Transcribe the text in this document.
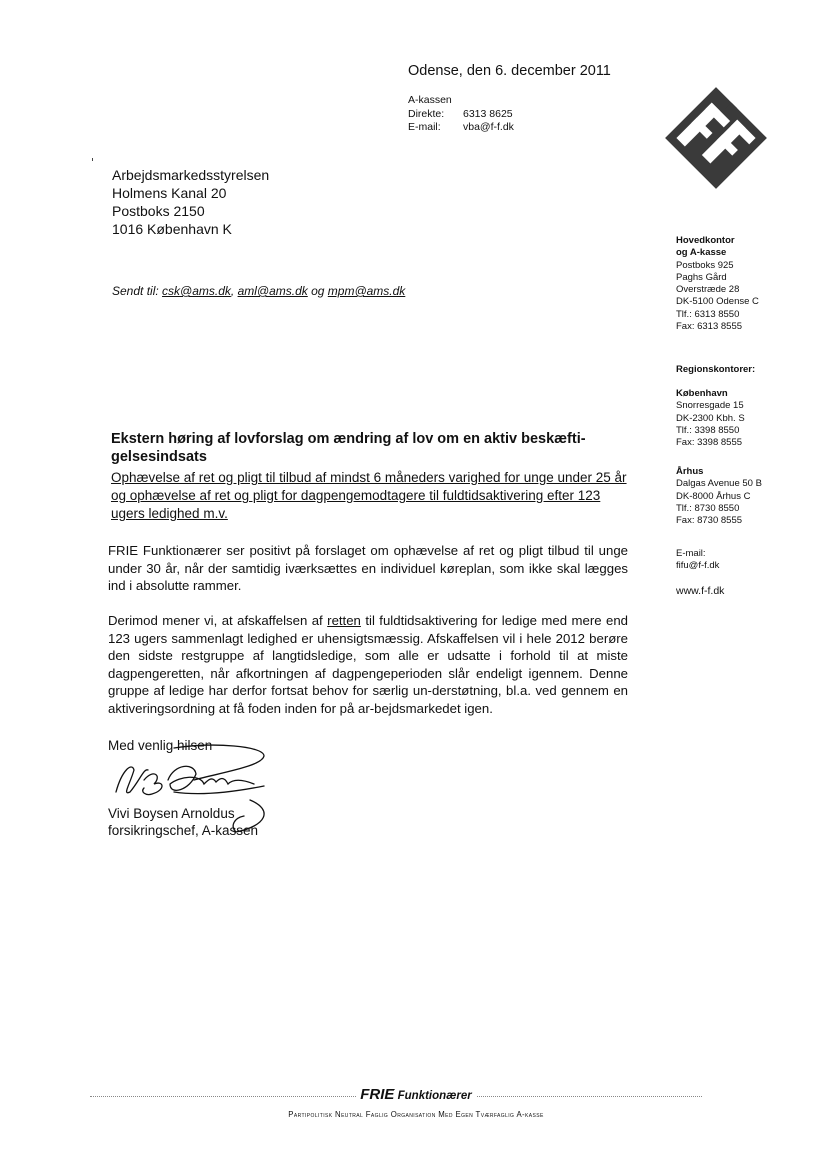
Odense, den 6. december 2011
A-kassen
Direkte:	6313 8625
E-mail:	vba@f-f.dk
Arbejdsmarkedsstyrelsen
Holmens Kanal 20
Postboks 2150
1016 København K
Sendt til: csk@ams.dk, aml@ams.dk og mpm@ams.dk
Hovedkontor
og A-kasse
Postboks 925
Paghs Gård
Overstræde 28
DK-5100 Odense C
Tlf.: 6313 8550
Fax: 6313 8555
Regionskontorer:
København
Snorresgade 15
DK-2300 Kbh. S
Tlf.: 3398 8550
Fax: 3398 8555
Århus
Dalgas Avenue 50 B
DK-8000 Århus C
Tlf.: 8730 8550
Fax: 8730 8555
E-mail:
fifu@f-f.dk
www.f-f.dk
Ekstern høring af lovforslag om ændring af lov om en aktiv beskæfti-gelsesindsats
Ophævelse af ret og pligt til tilbud af mindst 6 måneders varighed for unge under 25 år og ophævelse af ret og pligt for dagpengemodtagere til fuldtidsaktivering efter 123 ugers ledighed m.v.
FRIE Funktionærer ser positivt på forslaget om ophævelse af ret og pligt tilbud til unge under 30 år, når der samtidig iværksættes en individuel køreplan, som ikke skal lægges ind i absolutte rammer.
Derimod mener vi, at afskaffelsen af retten til fuldtidsaktivering for ledige med mere end 123 ugers sammenlagt ledighed er uhensigtsmæssig. Afskaffelsen vil i hele 2012 berøre den sidste restgruppe af langtidsledige, som alle er udsatte i forhold til at miste dagpengeretten, når afkortningen af dagpengeperioden slår endeligt igennem. Denne gruppe af ledige har derfor fortsat behov for særlig un-derstøtning, bl.a. ved gennem en aktiveringsordning at få foden inden for på ar-bejdsmarkedet igen.
Med venlig hilsen
Vivi Boysen Arnoldus
forsikringschef, A-kassen
FRIE Funktionærer
Partipolitisk Neutral Faglig Organisation Med Egen Tværfaglig A-kasse
